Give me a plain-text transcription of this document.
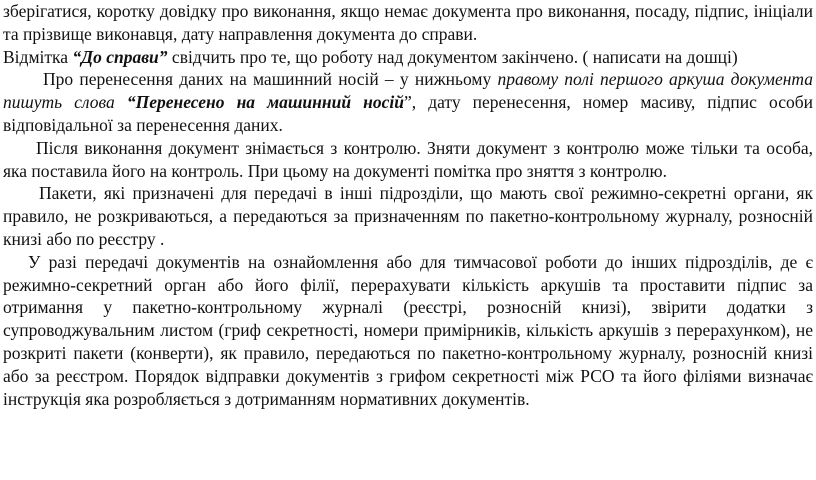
зберігатися, коротку довідку про виконання, якщо немає документа про виконання, посаду, підпис, ініціали та прізвище виконавця, дату направлення документа до справи.

Відмітка “До справи” свідчить про те, що роботу над документом закінчено. ( написати на дошці)

Про перенесення даних на машинний носій – у нижньому правому полі першого аркуша документа пишуть слова “Перенесено на машинний носій”, дату перенесення, номер масиву, підпис особи відповідальної за перенесення даних.

Після виконання документ знімається з контролю. Зняти документ з контролю може тільки та особа, яка поставила його на контроль. При цьому на документі помітка про зняття з контролю.

Пакети, які призначені для передачі в інші підрозділи, що мають свої режимно-секретні органи, як правило, не розкриваються, а передаються за призначенням по пакетно-контрольному журналу, розносній книзі або по реєстру .

У разі передачі документів на ознайомлення або для тимчасової роботи до інших підрозділів, де є режимно-секретний орган або його філії, перерахувати кількість аркушів та проставити підпис за отримання у пакетно-контрольному журналі (реєстрі, розносній книзі), звірити додатки з супроводжувальним листом (гриф секретності, номери примірників, кількість аркушів з перерахунком), не розкриті пакети (конверти), як правило, передаються по пакетно-контрольному журналу, розносній книзі або за реєстром. Порядок відправки документів з грифом секретності між РСО та його філіями визначає інструкція яка розробляється з дотриманням нормативних документів.
